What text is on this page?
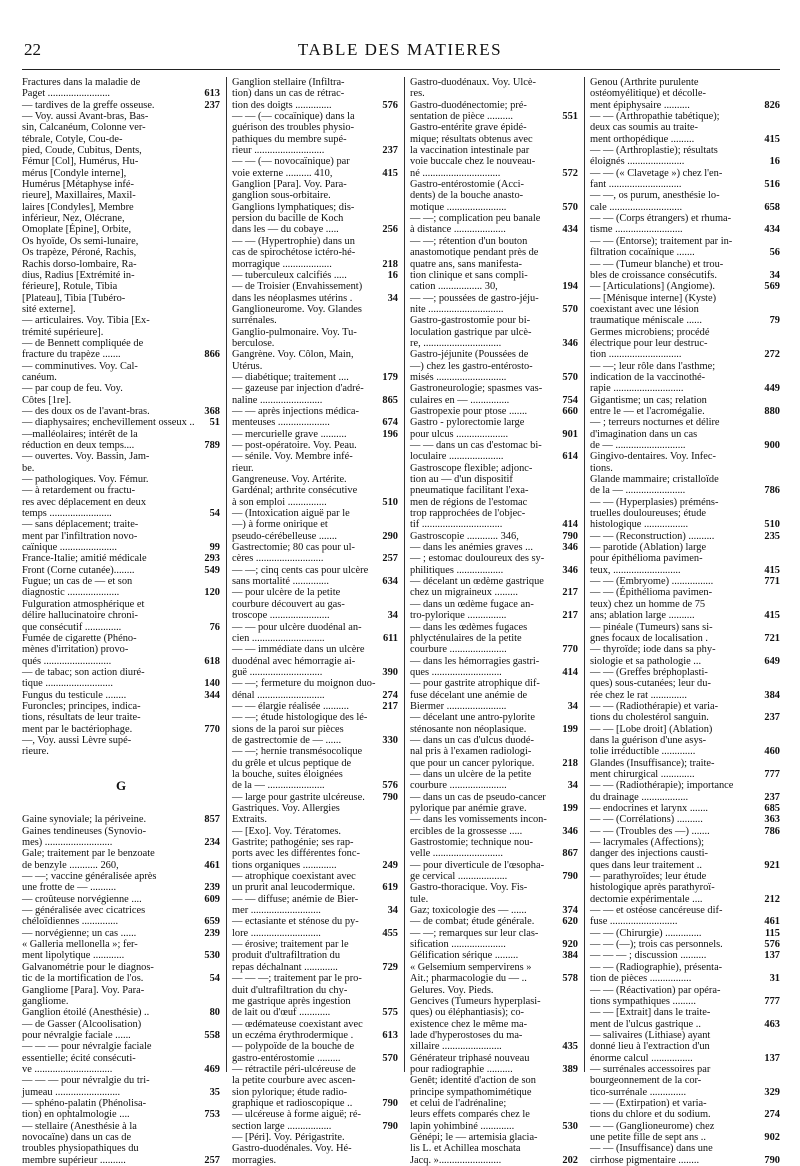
22	TABLE DES MATIERES
Fractures dans la maladie de
Paget ........................	613
— tardives de la greffe osseuse.	237
— Voy. aussi Avant-bras, Bas-
sin, Calcanéum, Colonne ver-
tébrale, Cotyle, Cou-de-
pied, Coude, Cubitus, Dents,
Fémur [Col], Humérus, Hu-
mérus [Condyle interne],
Humérus [Métaphyse infé-
rieure], Maxillaires, Maxil-
laires [Condyles], Membre
inférieur, Nez, Olécrane,
Omoplate [Épine], Orbite,
Os hyoïde, Os semi-lunaire,
Os trapèze, Péroné, Rachis,
Rachis dorso-lombaire, Ra-
dius, Radius [Extrémité in-
férieure], Rotule, Tibia
[Plateau], Tibia [Tubéro-
sité externe].
— articulaires. Voy. Tibia [Ex-
trémité supérieure].
— de Bennett compliquée de
fracture du trapèze .......	866
— comminutives. Voy. Cal-
canéum.
— par coup de feu. Voy.
Côtes [1re].
— des doux os de l'avant-bras.	368
— diaphysaires; enchevillement osseux ..	51
—malléolaires; intérêt de la
réduction en deux temps....	789
— ouvertes. Voy. Bassin, Jam-
be.
— pathologiques. Voy. Fémur.
— à retardement ou fractu-
res avec déplacement en deux
temps ........................	54
— sans déplacement; traite-
ment par l'infiltration novo-
caïnique ......................	99
France-Italie; amitié médicale	293
Front (Corne cutanée)........	549
Fugue; un cas de — et son
diagnostic ....................	120
Fulguration atmosphérique et
délire hallucinatoire chroni-
que consécutif ..............	76
Fumée de cigarette (Phéno-
mènes d'irritation) provo-
qués ..........................	618
— de tabac; son action diuré-
tique ..........................	140
Fungus du testicule ........	344
Furoncles; principes, indica-
tions, résultats de leur traite-
ment par le bactériophage.	770
—, Voy. aussi Lèvre supé-
rieure.
G
Gaine synoviale; la périveine.	857
Gaines tendineuses (Synovio-
mes) ..........................	234
Gale; traitement par le benzoate
de benzyle ........... 260,	461
— —; vaccine généralisée après
une frotte de — ..........	239
— croûteuse norvégienne ....	609
— généralisée avec cicatrices
chéloïdiennes ..............	659
— norvégienne; un cas ......	239
« Galleria mellonella »; fer-
ment lipolytique ............	530
Galvanométrie pour le diagnos-
tic de la mortification de l'os.	54
Gangliome [Para]. Voy. Para-
gangliome.
Ganglion étoilé (Anesthésie) ..	80
— de Gasser (Alcoolisation)
pour névralgie faciale ......	558
— — — pour névralgie faciale
essentielle; écité consécuti-
ve ..............................	469
— — — pour névralgie du tri-
jumeau .........................	35
— sphéno-palatin (Phénolisa-
tion) en ophtalmologie ....	753
— stellaire (Anesthésie à la
novocaïne) dans un cas de
troubles physiopathiques du
membre supérieur ..........	257
Ganglion stellaire (Infiltra-
tion) dans un cas de rétrac-
tion des doigts ..............	576
— — (— cocaïnique) dans la
guérison des troubles physio-
pathiques du membre supé-
rieur ...........................	237
— — (— novocaïnique) par
voie externe .......... 410,	415
Ganglion [Para]. Voy. Para-
ganglion sous-orbitaire.
Ganglions lymphatiques; dis-
persion du bacille de Koch
dans les — du cobaye .....	256
— — (Hypertrophie) dans un
cas de spirochétose ictéro-hé-
morragique ...................	218
— tuberculeux calcifiés .....	16
— de Troisier (Envahissement)
dans les néoplasmes utérins .	34
Ganglioneurome. Voy. Glandes
surrénales.
Ganglio-pulmonaire. Voy. Tu-
berculose.
Gangrène. Voy. Côlon, Main,
Utérus.
— diabétique; traitement ....	179
— gazeuse par injection d'adré-
naline ........................	865
— — après injections médica-
menteuses ....................	674
— mercurielle grave ..........	196
— post-opératoire. Voy. Peau.
— sénile. Voy. Membre infé-
rieur.
Gangreneuse. Voy. Artérite.
Gardénal; arthrite consécutive
à son emploi ...............	510
— (Intoxication aiguë par le
—) à forme onirique et
pseudo-cérébelleuse .......	290
Gastrectomie; 80 cas pour ul-
cères ..........................	257
— —; cinq cents cas pour ulcère
sans mortalité ..............	634
— pour ulcère de la petite
courbure découvert au gas-
troscope .......................	34
— — pour ulcère duodénal an-
cien ............................	611
— — immédiate dans un ulcère
duodénal avec hémorragie ai-
guë ............................	390
— —; fermeture du moignon duo-
dénal ..........................	274
— — élargie réalisée ..........	217
— —; étude histologique des lé-
sions de la paroi sur pièces
de gastrectomie de — ......	330
— —; hernie transmésocolique
du grêle et ulcus peptique de
la bouche, suites éloignées
de la — ......................	576
— large pour gastrite ulcéreuse.	790
Gastriques. Voy. Allergies
Extraits.
— [Exo]. Voy. Tératomes.
Gastrite; pathogénie; ses rap-
ports avec les différentes fonc-
tions organiques .............	249
— atrophique coexistant avec
un prurit anal leucodermique.	619
— — diffuse; anémie de Bier-
mer ...........................	34
— ectasiante et sténose du py-
lore ...........................	455
— érosive; traitement par le
produit d'ultrafiltration du
repas déchalnant .............	729
— — —; traitement par le pro-
duit d'ultrafiltration du chy-
me gastrique après ingestion
de lait ou d'œuf ............	575
— œdémateuse coexistant avec
un eczéma érythrodermique .	613
— polypoïde de la bouche de
gastro-entérostomie .........	570
— rétractile péri-ulcéreuse de
la petite courbure avec ascen-
sion pylorique; étude radio-
graphique et radioscopique ..	790
— ulcéreuse à forme aiguë; ré-
section large .................	790
— [Péri]. Voy. Périgastrite.
Gastro-duodénales. Voy. Hé-
morragies.
Gastro-duodénaux. Voy. Ulcè-
res.
Gastro-duodénectomie; pré-
sentation de pièce ..........	551
Gastro-entérite grave épidé-
mique; résultats obtenus avec
la vaccination intestinale par
voie buccale chez le nouveau-
né ..............................	572
Gastro-entérostomie (Acci-
dents) de la bouche anasto-
motique .......................	570
— —; complication peu banale
à distance ....................	434
— —; rétention d'un bouton
anastomotique pendant près de
quatre ans, sans manifesta-
tion clinique et sans compli-
cation ................. 30,	194
— —; poussées de gastro-jéju-
nite .............................	570
Gastro-gastrostomie pour bi-
loculation gastrique par ulcè-
re, ..............................	346
Gastro-jéjunite (Poussées de
—) chez les gastro-entérosto-
misés ...........................	570
Gastroneurologie; spasmes vas-
culaires en — ...............	754
Gastropexie pour ptose .......	660
Gastro - pylorectomie large
pour ulcus ....................	901
— — dans un cas d'estomac bi-
loculaire .....................	614
Gastroscope flexible; adjonc-
tion au — d'un dispositif
pneumatique facilitant l'exa-
men de régions de l'estomac
trop rapprochées de l'objec-
tif ...............................	414
Gastroscopie ............ 346,	790
— dans les anémies graves ...	346
— ; estomac douloureux des sy-
philitiques ..................	346
— décelant un œdème gastrique
chez un migraineux .........	217
— dans un œdème fugace an-
tro-pylorique ...............	217
— dans les œdèmes fugaces
phlycténulaires de la petite
courbure ......................	770
— dans les hémorragies gastri-
ques ...........................	414
— pour gastrite atrophique dif-
fuse décelant une anémie de
Biermer .......................	34
— décelant une antro-pylorite
sténosante non néoplasique.	199
— dans un cas d'ulcus duodé-
nal pris à l'examen radiologi-
que pour un cancer pylorique.	218
— dans un ulcère de la petite
courbure ......................	34
— dans un cas de pseudo-cancer
pylorique par anémie grave.	199
— dans les vomissements incon-
ercibles de la grossesse .....	346
Gastrostomie; technique nou-
velle ...........................	867
— pour diverticule de l'œsopha-
ge cervical ...................	790
Gastro-thoracique. Voy. Fis-
tule.
Gaz; toxicologie des — ......	374
— de combat; étude générale.	620
— —; remarques sur leur clas-
sification .....................	920
Gélification sérique .........	384
« Gelsemium sempervirens »
Ait.; pharmacologie du — ..	578
Gelures. Voy. Pieds.
Gencives (Tumeurs hyperplasi-
ques) ou éléphantiasis); co-
existence chez le même ma-
lade d'hyperostoses du ma-
xillaire .......................	435
Générateur triphasé nouveau
pour radiographie ..........	389
Genêt; identité d'action de son
principe sympathomimétique
et celui de l'adrénaline;
leurs effets comparés chez le
lapin yohimbiné .............	530
Génépi; le — artemisia glacia-
lis L. et Achillea moschata
Jacq. »........................	202
Genou (Arthrite purulente
ostéomyélitique) et décolle-
ment épiphysaire ..........	826
— — (Arthropathie tabétique);
deux cas soumis au traite-
ment orthopédique .........	415
— — (Arthroplastie); résultats
éloignés ......................	16
— — (« Clavetage ») chez l'en-
fant ............................	516
— —, os purum, anesthésie lo-
cale ............................	658
— — (Corps étrangers) et rhuma-
tisme ..........................	434
— — (Entorse); traitement par in-
filtration cocaïnique .......	56
— — (Tumeur blanche) et trou-
bles de croissance consécutifs.	34
— [Articulations] (Angiome).	569
— [Ménisque interne] (Kyste)
coexistant avec une lésion
traumatique méniscale ......	79
Germes microbiens; procédé
électrique pour leur destruc-
tion ............................	272
— —; leur rôle dans l'asthme;
indication de la vaccinothé-
rapie ...........................	449
Gigantisme; un cas; relation
entre le — et l'acromégalie.	880
— ; terreurs nocturnes et délire
d'imagination dans un cas
de — ...........................	900
Gingivo-dentaires. Voy. Infec-
tions.
Glande mammaire; cristalloïde
de la — .......................	786
— — (Hyperplasies) préméns-
truelles douloureuses; étude
histologique .................	510
— — (Reconstruction) ..........	235
— parotide (Ablation) large
pour épithélioma pavimen-
teux, ..........................	415
— — (Embryome) ................	771
— — (Épithélioma pavimen-
teux) chez un homme de 75
ans; ablation large ..........	415
— pinéale (Tumeurs) sans si-
gnes focaux de localisation .	721
— thyroïde; iode dans sa phy-
siologie et sa pathologie ...	649
— — (Greffes bréphoplasti-
ques) sous-cutanées; leur du-
rée chez le rat ..............	384
— — (Radiothérapie) et varia-
tions du cholestérol sanguin.	237
— — [Lobe droit] (Ablation)
dans la guérison d'une asys-
tolie irréductible .............	460
Glandes (Insuffisance); traite-
ment chirurgical .............	777
— — (Radiothérapie); importance
du drainage ..................	237
— endocrines et larynx .......	685
— — (Corrélations) ..........	363
— — (Troubles des —) .......	786
— lacrymales (Affections);
danger des injections causti-
ques dans leur traitement ..	921
— parathyroïdes; leur étude
histologique après parathyroï-
dectomie expérimentale ....	212
— — et ostéose cancéreuse dif-
fuse ..........................	461
— — (Chirurgie) ..............	115
— — (—); trois cas personnels.	576
— — — ; discussion ..........	137
— — (Radiographie), présenta-
tion de pièces ................	31
— — (Réactivation) par opéra-
tions sympathiques .........	777
— — [Extrait] dans le traite-
ment de l'ulcus gastrique ..	463
— salivaires (Lithiase) ayant
donné lieu à l'extraction d'un
énorme calcul ................	137
— surrénales accessoires par
bourgeonnement de la cor-
tico-surrénale ..............	329
— — (Extirpation) et varia-
tions du chlore et du sodium.	274
— — (Ganglioneurome) chez
une petite fille de sept ans ..	902
— — (Insuffisance) dans une
cirrhose pigmentaire ........	790
